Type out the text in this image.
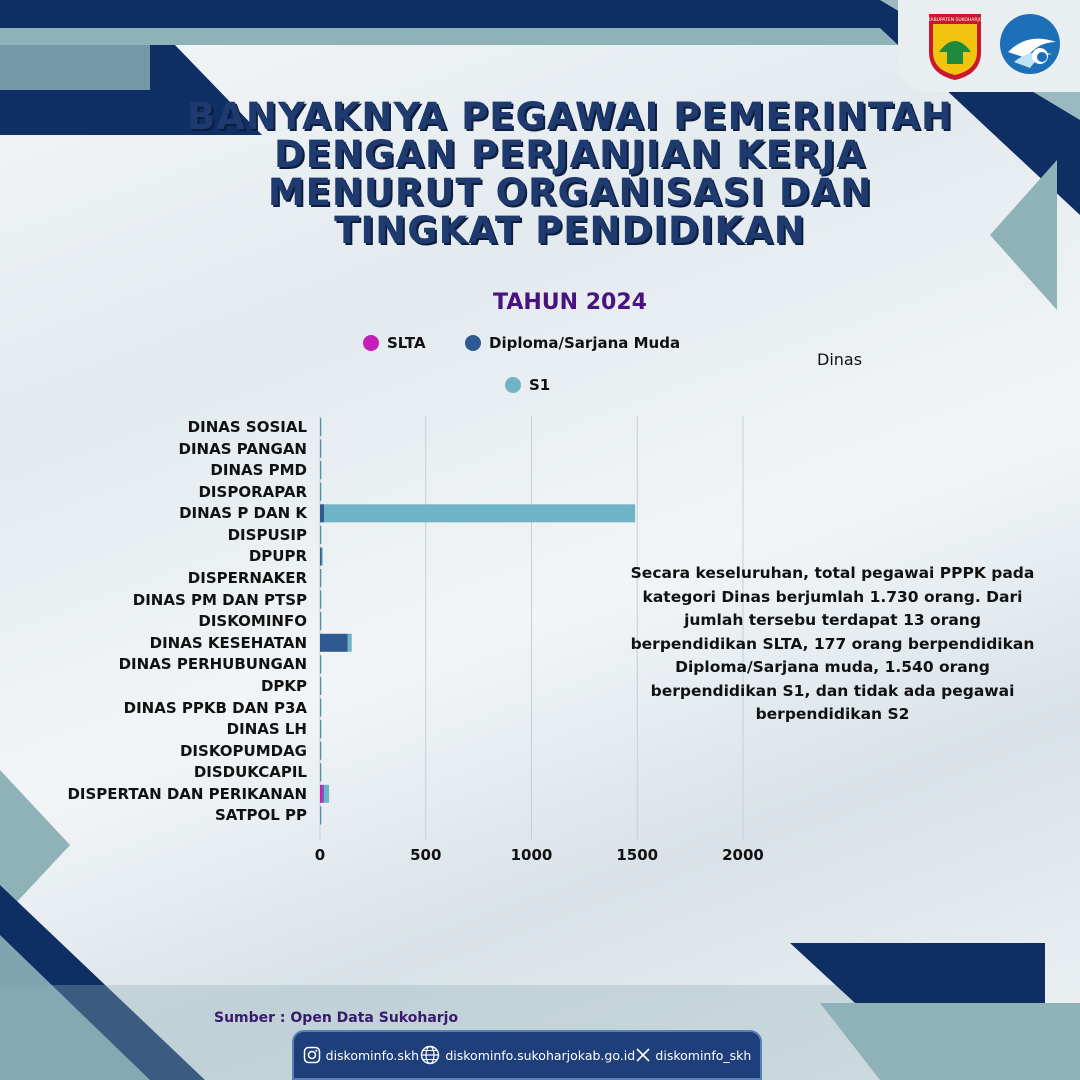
KABUPATEN SUKOHARJO
BANYAKNYA PEGAWAI PEMERINTAH DENGAN PERJANJIAN KERJA MENURUT ORGANISASI DAN TINGKAT PENDIDIKAN
TAHUN 2024
SLTA	Diploma/Sarjana Muda
S1
Dinas
DINAS SOSIAL
DINAS PANGAN
DINAS PMD
DISPORAPAR
DINAS P DAN K
DISPUSIP
DPUPR
DISPERNAKER
DINAS PM DAN PTSP
DISKOMINFO
DINAS KESEHATAN
DINAS PERHUBUNGAN
DPKP
DINAS PPKB DAN P3A
DINAS LH
DISKOPUMDAG
DISDUKCAPIL
DISPERTAN DAN PERIKANAN
SATPOL PP
0	500	1000	1500	2000
Secara keseluruhan, total pegawai PPPK pada kategori Dinas berjumlah 1.730 orang. Dari jumlah tersebu terdapat 13 orang berpendidikan SLTA, 177 orang berpendidikan Diploma/Sarjana muda, 1.540 orang berpendidikan S1, dan tidak ada pegawai berpendidikan S2
Sumber : Open Data Sukoharjo
diskominfo.skh diskominfo.sukoharjokab.go.id diskominfo_skh
